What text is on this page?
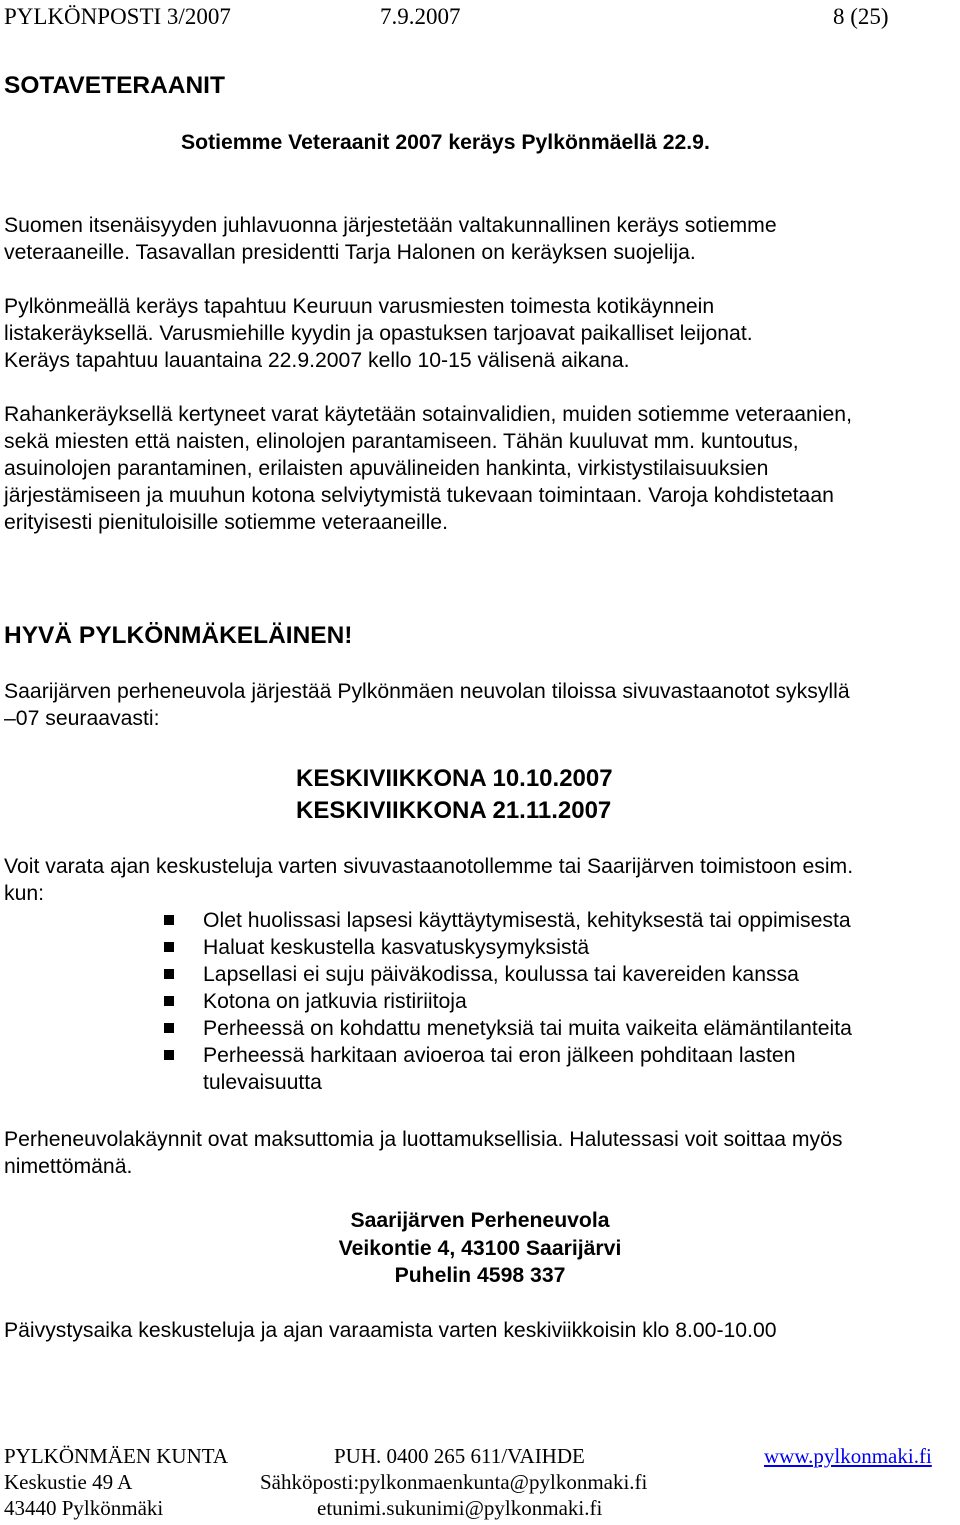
PYLKÖNPOSTI 3/2007	7.9.2007	8 (25)
SOTAVETERAANIT
Sotiemme Veteraanit 2007 keräys Pylkönmäellä 22.9.
Suomen itsenäisyyden juhlavuonna järjestetään valtakunnallinen keräys sotiemme
veteraaneille. Tasavallan presidentti Tarja Halonen on keräyksen suojelija.
Pylkönmeällä keräys tapahtuu Keuruun varusmiesten toimesta kotikäynnein
listakeräyksellä. Varusmiehille kyydin ja opastuksen tarjoavat paikalliset leijonat.
Keräys tapahtuu lauantaina 22.9.2007 kello 10-15 välisenä aikana.
Rahankeräyksellä kertyneet varat käytetään sotainvalidien, muiden sotiemme veteraanien,
sekä miesten että naisten, elinolojen parantamiseen. Tähän kuuluvat mm. kuntoutus,
asuinolojen parantaminen, erilaisten apuvälineiden hankinta, virkistystilaisuuksien
järjestämiseen ja muuhun kotona selviytymistä tukevaan toimintaan. Varoja kohdistetaan
erityisesti pienituloisille sotiemme veteraaneille.
HYVÄ PYLKÖNMÄKELÄINEN!
Saarijärven perheneuvola järjestää Pylkönmäen neuvolan tiloissa sivuvastaanotot syksyllä
–07 seuraavasti:
KESKIVIIKKONA 10.10.2007
KESKIVIIKKONA 21.11.2007
Voit varata ajan keskusteluja varten sivuvastaanotollemme tai Saarijärven toimistoon esim.
kun:
Olet huolissasi lapsesi käyttäytymisestä, kehityksestä tai oppimisesta
Haluat keskustella kasvatuskysymyksistä
Lapsellasi ei suju päiväkodissa, koulussa tai kavereiden kanssa
Kotona on jatkuvia ristiriitoja
Perheessä on kohdattu menetyksiä tai muita vaikeita elämäntilanteita
Perheessä harkitaan avioeroa tai eron jälkeen pohditaan lasten
tulevaisuutta
Perheneuvolakäynnit ovat maksuttomia ja luottamuksellisia. Halutessasi voit soittaa myös
nimettömänä.
Saarijärven Perheneuvola
Veikontie 4, 43100 Saarijärvi
Puhelin 4598 337
Päivystysaika keskusteluja ja ajan varaamista varten keskiviikkoisin klo 8.00-10.00
PYLKÖNMÄEN KUNTA
Keskustie 49 A
43440 Pylkönmäki
PUH. 0400 265 611/VAIHDE
Sähköposti:pylkonmaenkunta@pylkonmaki.fi
etunimi.sukunimi@pylkonmaki.fi
www.pylkonmaki.fi
